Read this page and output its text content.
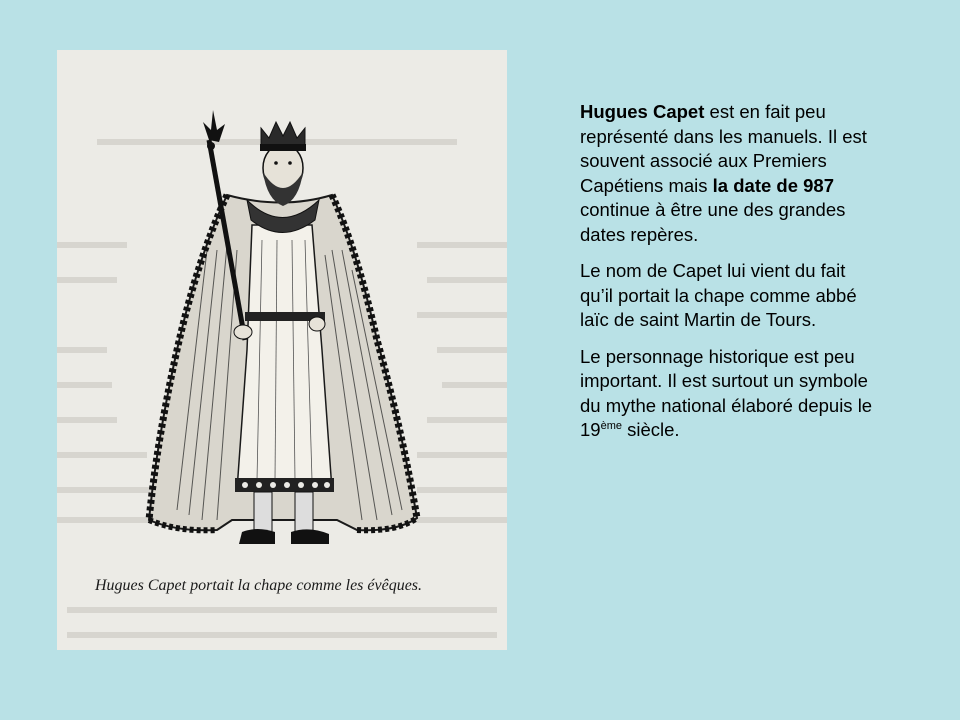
Hugues Capet portait la chape comme les évêques.

Hugues Capet est en fait peu représenté dans les manuels. Il est souvent associé aux Premiers Capétiens mais la date de 987 continue à être une des grandes dates repères.

Le nom de Capet lui vient du fait qu’il portait la chape comme abbé laïc de saint Martin de Tours.

Le personnage historique est peu important. Il est surtout un symbole du mythe national élaboré depuis le 19ème siècle.
